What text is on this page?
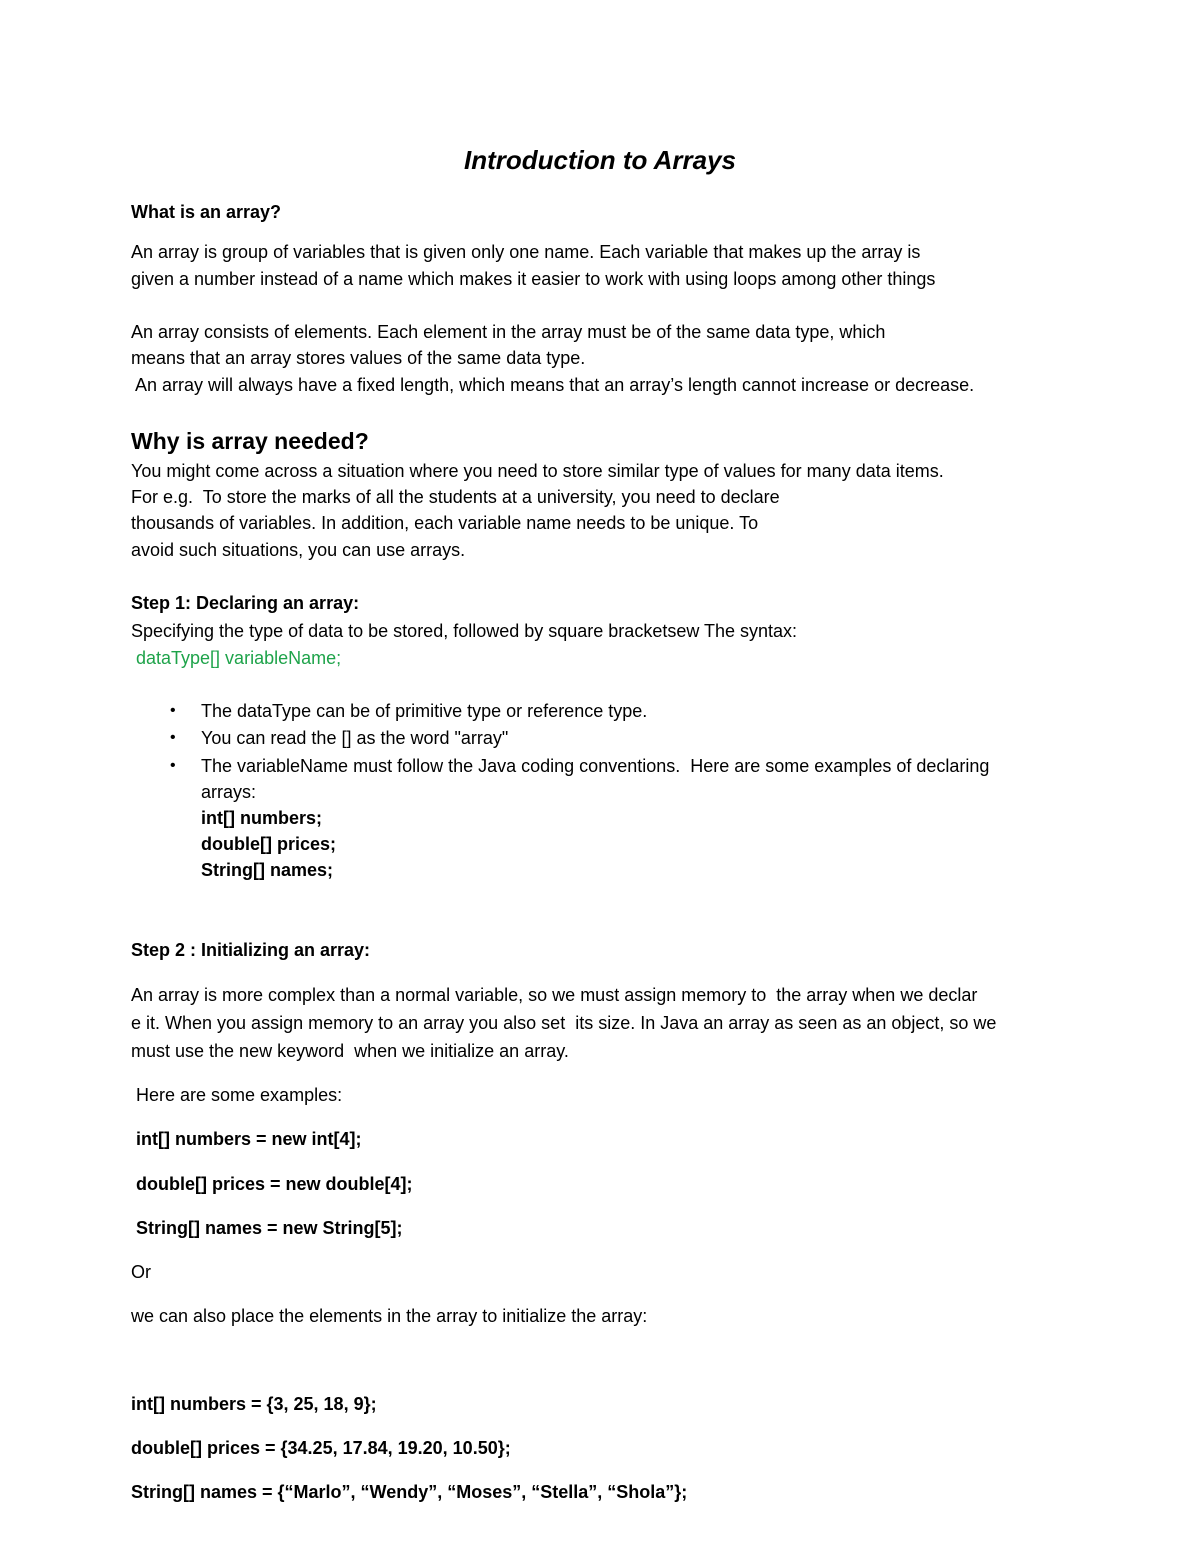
Introduction to Arrays
What is an array?
An array is group of variables that is given only one name. Each variable that makes up the array is
given a number instead of a name which makes it easier to work with using loops among other things
An array consists of elements. Each element in the array must be of the same data type, which
means that an array stores values of the same data type.
An array will always have a fixed length, which means that an array’s length cannot increase or decrease.
Why is array needed?
You might come across a situation where you need to store similar type of values for many data items.
For e.g.  To store the marks of all the students at a university, you need to declare
thousands of variables. In addition, each variable name needs to be unique. To
avoid such situations, you can use arrays.
Step 1: Declaring an array:
Specifying the type of data to be stored, followed by square bracketsew The syntax:
dataType[] variableName;
• The dataType can be of primitive type or reference type.
• You can read the [] as the word "array"
• The variableName must follow the Java coding conventions.  Here are some examples of declaring
arrays:
int[] numbers;
double[] prices;
String[] names;
Step 2 : Initializing an array:
An array is more complex than a normal variable, so we must assign memory to  the array when we declar
e it. When you assign memory to an array you also set  its size. In Java an array as seen as an object, so we
must use the new keyword  when we initialize an array.
Here are some examples:
int[] numbers = new int[4];
double[] prices = new double[4];
String[] names = new String[5];
Or
we can also place the elements in the array to initialize the array:
int[] numbers = {3, 25, 18, 9};
double[] prices = {34.25, 17.84, 19.20, 10.50};
String[] names = {“Marlo”, “Wendy”, “Moses”, “Stella”, “Shola”};
